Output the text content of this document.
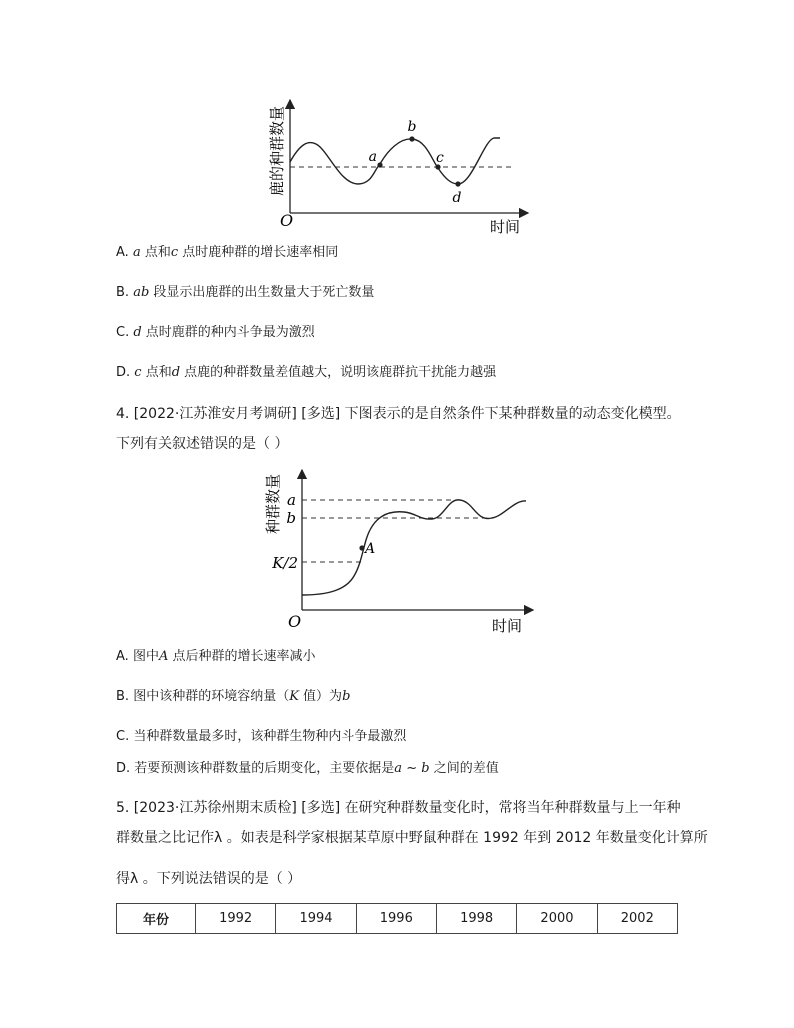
a
b
c
d
O	时间
鹿的种群数量
A. a 点和c 点时鹿种群的增长速率相同
B. ab 段显示出鹿群的出生数量大于死亡数量
C. d 点时鹿群的种内斗争最为激烈
D. c 点和d 点鹿的种群数量差值越大，说明该鹿群抗干扰能力越强
4. [2022·江苏淮安月考调研] [多选] 下图表示的是自然条件下某种群数量的动态变化模型。
下列有关叙述错误的是（ ）
A
a
b
K/2
O	时间
种群数量
A. 图中A 点后种群的增长速率减小
B. 图中该种群的环境容纳量（K 值）为b
C. 当种群数量最多时，该种群生物种内斗争最激烈
D. 若要预测该种群数量的后期变化，主要依据是a ~ b 之间的差值
5. [2023·江苏徐州期末质检] [多选] 在研究种群数量变化时，常将当年种群数量与上一年种
群数量之比记作λ 。如表是科学家根据某草原中野鼠种群在 1992 年到 2012 年数量变化计算所
得λ 。下列说法错误的是（ ）
年份	1992	1994	1996	1998	2000	2002
